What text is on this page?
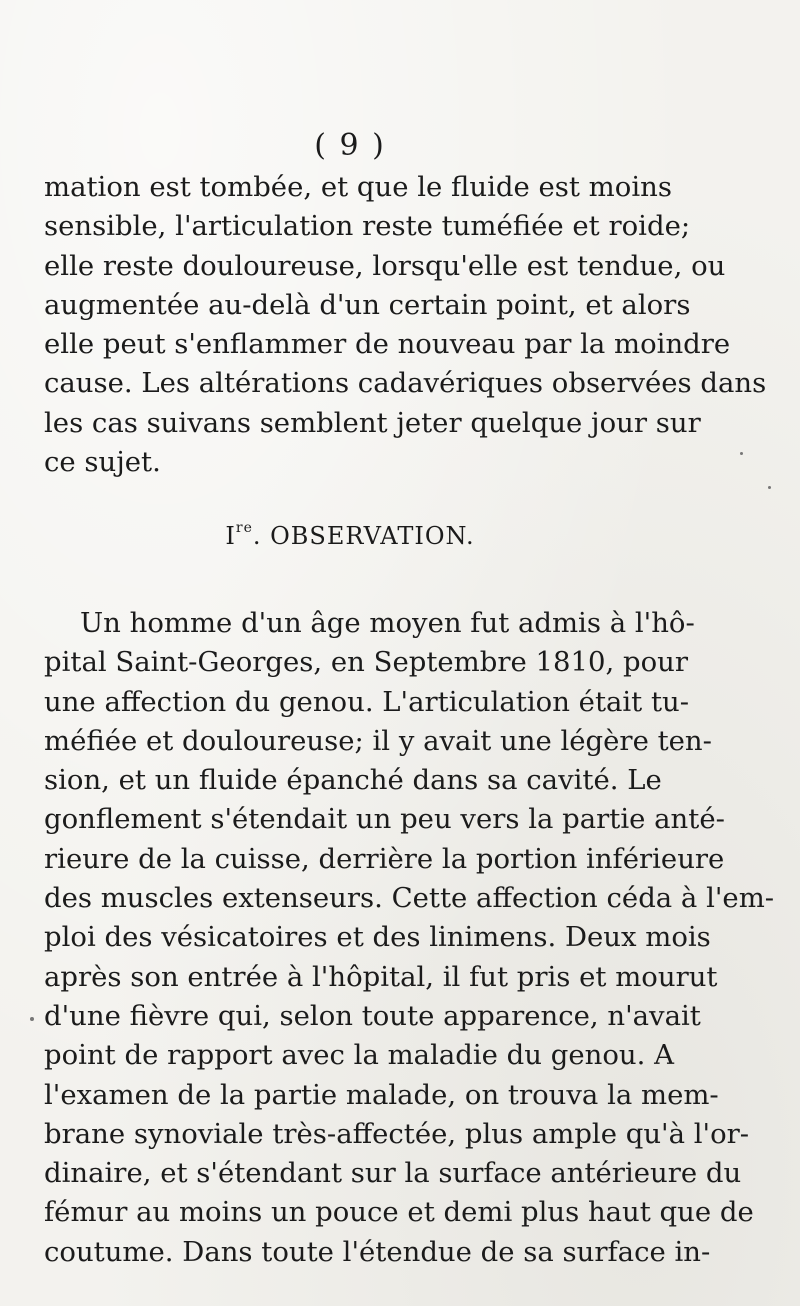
( 9 )
mation est tombée, et que le fluide est moins
sensible, l'articulation reste tuméfiée et roide;
elle reste douloureuse, lorsqu'elle est tendue, ou
augmentée au-delà d'un certain point, et alors
elle peut s'enflammer de nouveau par la moindre
cause. Les altérations cadavériques observées dans
les cas suivans semblent jeter quelque jour sur
ce sujet.
Ire. OBSERVATION.
Un homme d'un âge moyen fut admis à l'hô-
pital Saint-Georges, en Septembre 1810, pour
une affection du genou. L'articulation était tu-
méfiée et douloureuse; il y avait une légère ten-
sion, et un fluide épanché dans sa cavité. Le
gonflement s'étendait un peu vers la partie anté-
rieure de la cuisse, derrière la portion inférieure
des muscles extenseurs. Cette affection céda à l'em-
ploi des vésicatoires et des linimens. Deux mois
après son entrée à l'hôpital, il fut pris et mourut
d'une fièvre qui, selon toute apparence, n'avait
point de rapport avec la maladie du genou. A
l'examen de la partie malade, on trouva la mem-
brane synoviale très-affectée, plus ample qu'à l'or-
dinaire, et s'étendant sur la surface antérieure du
fémur au moins un pouce et demi plus haut que de
coutume. Dans toute l'étendue de sa surface in-
